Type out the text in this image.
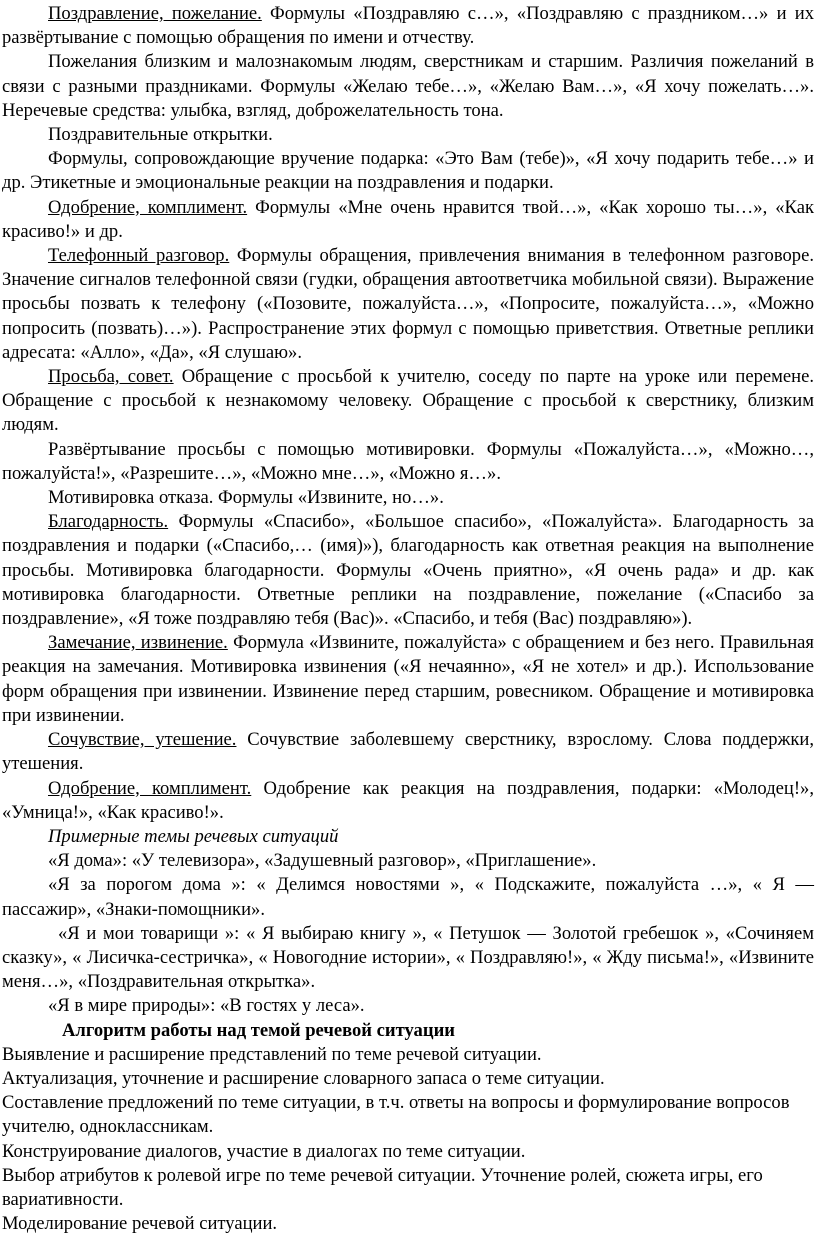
Поздравление, пожелание. Формулы «Поздравляю с…», «Поздравляю с праздником…» и их развёртывание с помощью обращения по имени и отчеству.

Пожелания близким и малознакомым людям, сверстникам и старшим. Различия пожеланий в связи с разными праздниками. Формулы «Желаю тебе…», «Желаю Вам…», «Я хочу пожелать…». Неречевые средства: улыбка, взгляд, доброжелательность тона.

Поздравительные открытки.

Формулы, сопровождающие вручение подарка: «Это Вам (тебе)», «Я хочу подарить тебе…» и др. Этикетные и эмоциональные реакции на поздравления и подарки.

Одобрение, комплимент. Формулы «Мне очень нравится твой…», «Как хорошо ты…», «Как красиво!» и др.

Телефонный разговор. Формулы обращения, привлечения внимания в телефонном разговоре. Значение сигналов телефонной связи (гудки, обращения автоответчика мобильной связи). Выражение просьбы позвать к телефону («Позовите, пожалуйста…», «Попросите, пожалуйста…», «Можно попросить (позвать)…»). Распространение этих формул с помощью приветствия. Ответные реплики адресата: «Алло», «Да», «Я слушаю».

Просьба, совет. Обращение с просьбой к учителю, соседу по парте на уроке или перемене. Обращение с просьбой к незнакомому человеку. Обращение с просьбой к сверстнику, близким людям.

Развёртывание просьбы с помощью мотивировки. Формулы «Пожалуйста…», «Можно…, пожалуйста!», «Разрешите…», «Можно мне…», «Можно я…».

Мотивировка отказа. Формулы «Извините, но…».

Благодарность. Формулы «Спасибо», «Большое спасибо», «Пожалуйста». Благодарность за поздравления и подарки («Спасибо,… (имя)»), благодарность как ответная реакция на выполнение просьбы. Мотивировка благодарности. Формулы «Очень приятно», «Я очень рада» и др. как мотивировка благодарности. Ответные реплики на поздравление, пожелание («Спасибо за поздравление», «Я тоже поздравляю тебя (Вас)». «Спасибо, и тебя (Вас) поздравляю»).

Замечание, извинение. Формула «Извините, пожалуйста» с обращением и без него. Правильная реакция на замечания. Мотивировка извинения («Я нечаянно», «Я не хотел» и др.). Использование форм обращения при извинении. Извинение перед старшим, ровесником. Обращение и мотивировка при извинении.

Сочувствие, утешение. Сочувствие заболевшему сверстнику, взрослому. Слова поддержки, утешения.

Одобрение, комплимент. Одобрение как реакция на поздравления, подарки: «Молодец!», «Умница!», «Как красиво!».

Примерные темы речевых ситуаций

«Я дома»: «У телевизора», «Задушевный разговор», «Приглашение».

«Я за порогом дома »: « Делимся новостями », « Подскажите, пожалуйста …», « Я — пассажир», «Знаки-помощники».

«Я и мои товарищи »: « Я выбираю книгу », « Петушок — Золотой гребешок », «Сочиняем сказку», « Лисичка-сестричка», « Новогодние истории», « Поздравляю!», « Жду письма!», «Извините меня…», «Поздравительная открытка».

«Я в мире природы»: «В гостях у леса».

Алгоритм работы над темой речевой ситуации

Выявление и расширение представлений по теме речевой ситуации.

Актуализация, уточнение и расширение словарного запаса о теме ситуации.

Составление предложений по теме ситуации, в т.ч. ответы на вопросы и формулирование вопросов учителю, одноклассникам.

Конструирование диалогов, участие в диалогах по теме ситуации.

Выбор атрибутов к ролевой игре по теме речевой ситуации. Уточнение ролей, сюжета игры, его вариативности.

Моделирование речевой ситуации.
